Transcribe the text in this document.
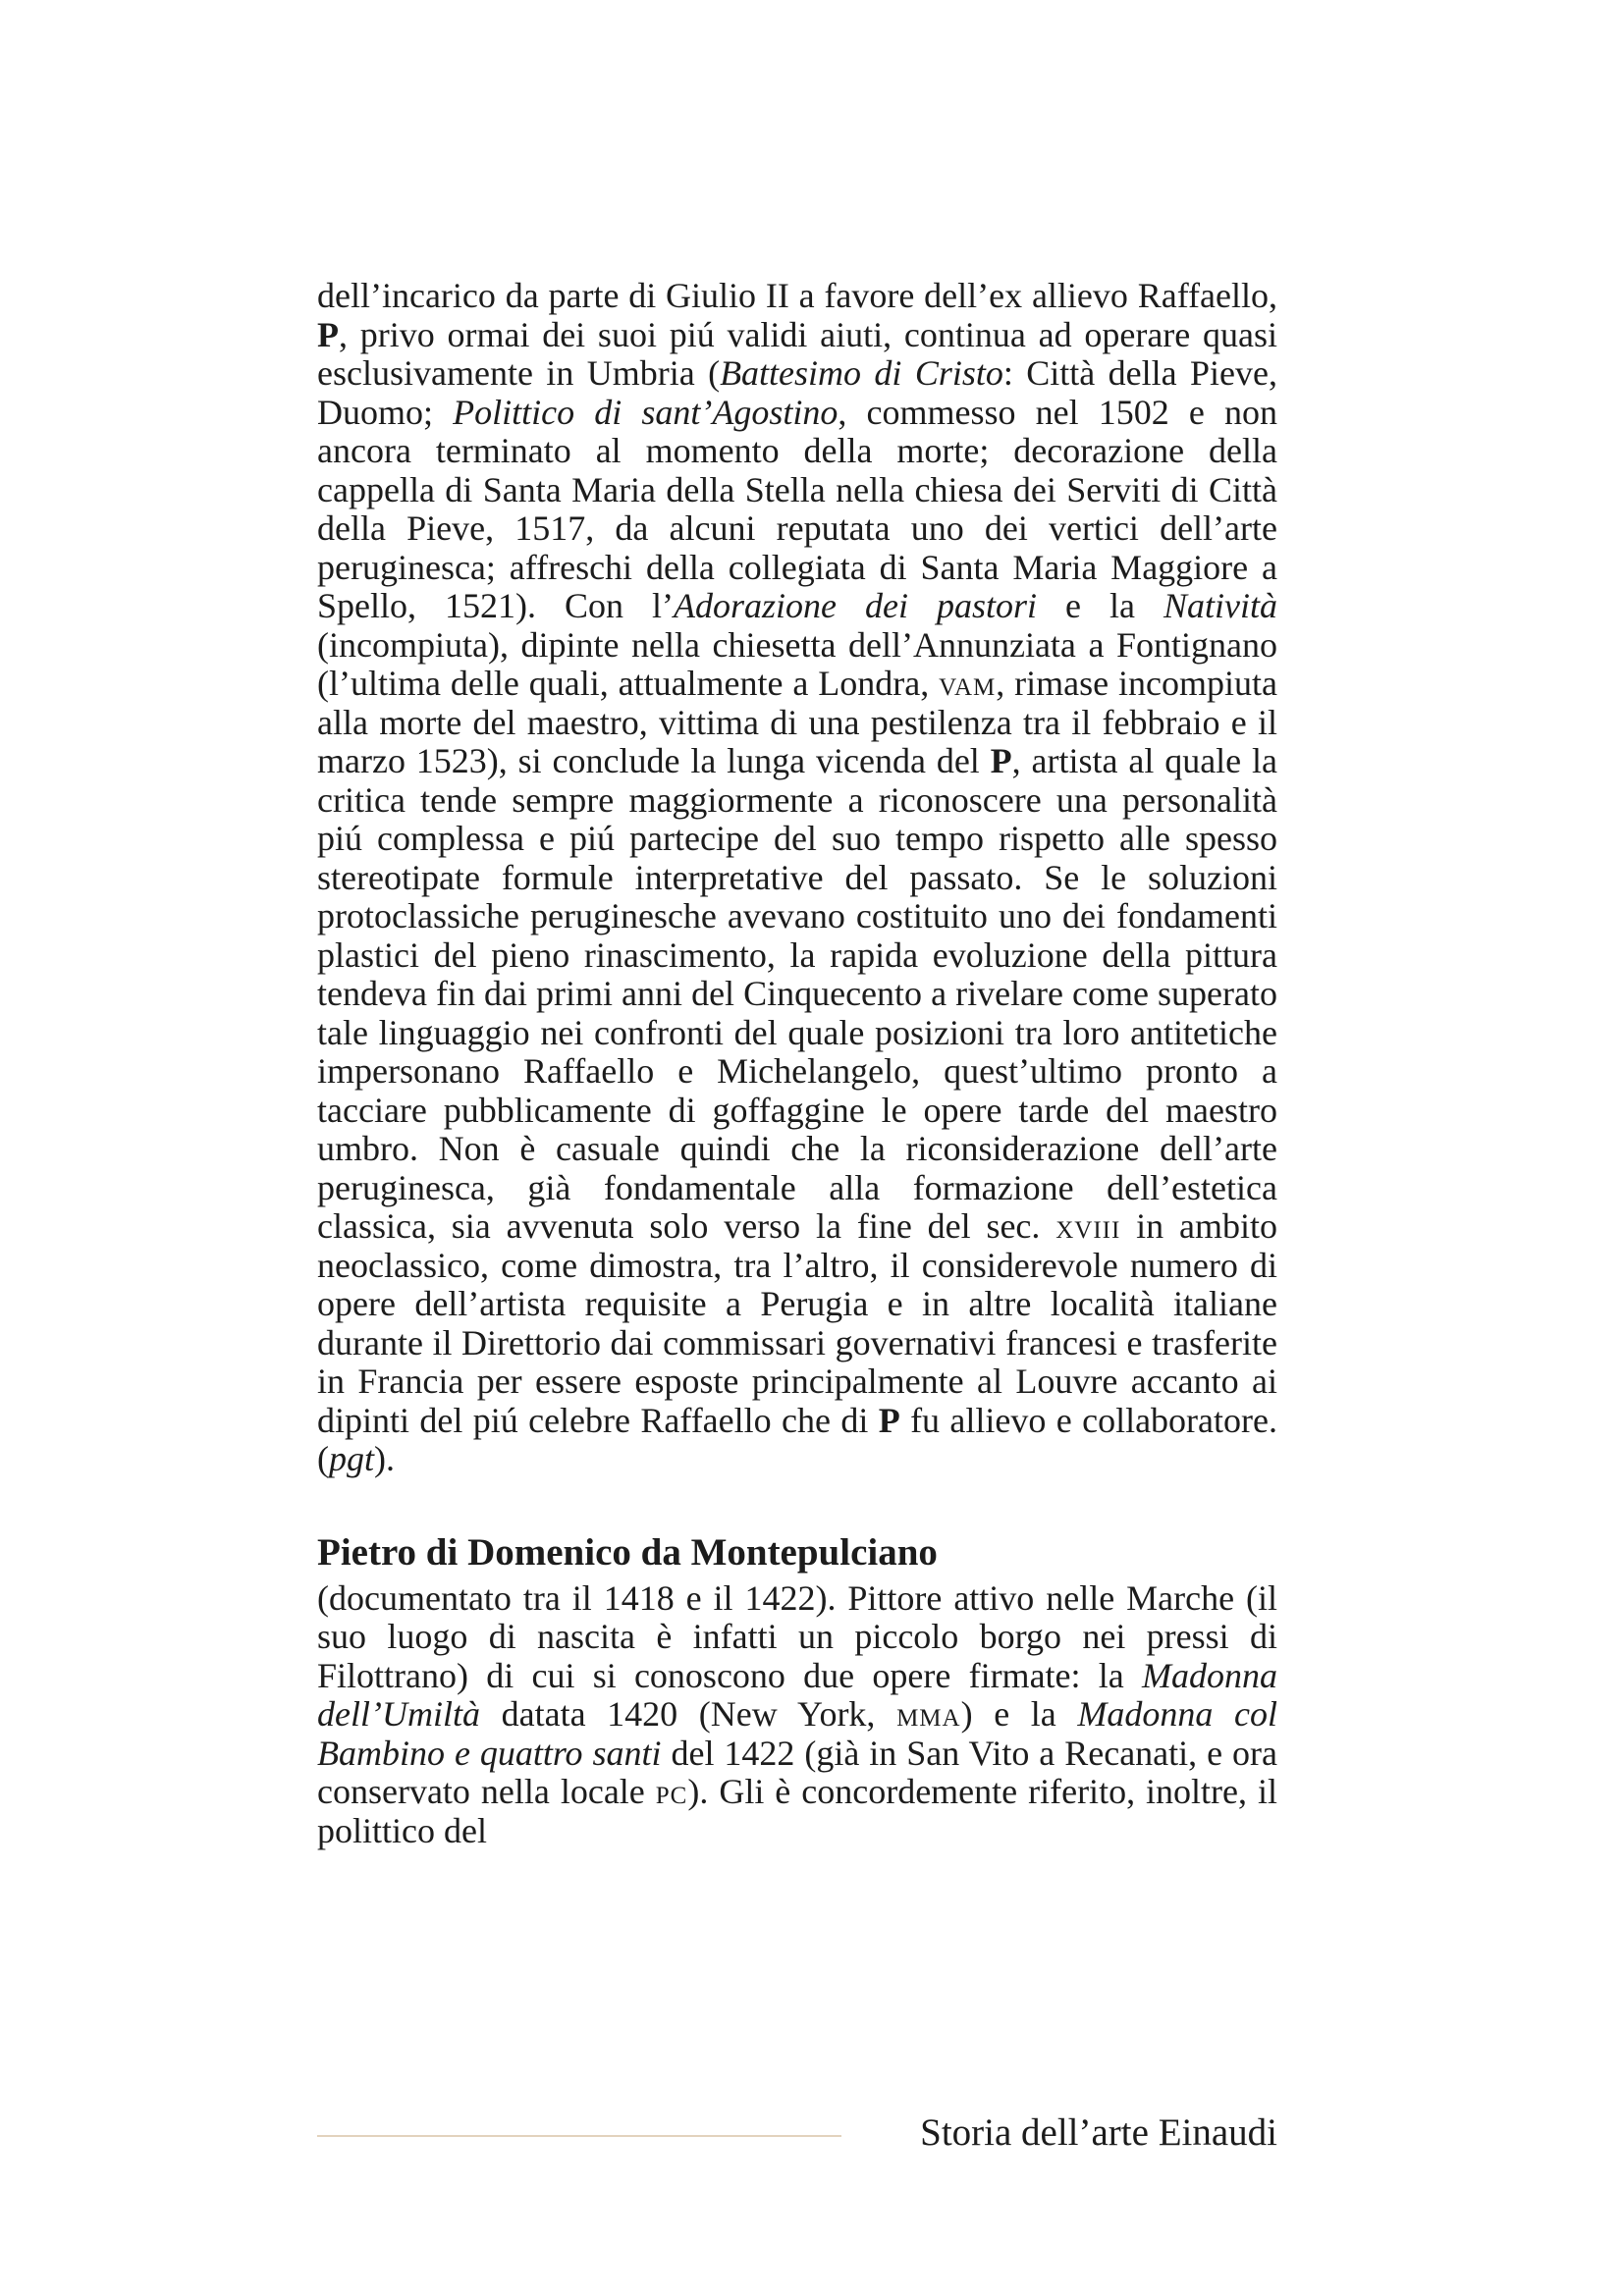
dell’incarico da parte di Giulio II a favore dell’ex allievo Raffaello, P, privo ormai dei suoi piú validi aiuti, continua ad operare quasi esclusivamente in Umbria (Battesimo di Cristo: Città della Pieve, Duomo; Polittico di sant’Agostino, commesso nel 1502 e non ancora terminato al momento della morte; decorazione della cappella di Santa Maria della Stella nella chiesa dei Serviti di Città della Pieve, 1517, da alcuni reputata uno dei vertici dell’arte peruginesca; affreschi della collegiata di Santa Maria Maggiore a Spello, 1521). Con l’Adorazione dei pastori e la Natività (incompiuta), dipinte nella chiesetta dell’Annunziata a Fontignano (l’ultima delle quali, attualmente a Londra, vam, rimase incompiuta alla morte del maestro, vittima di una pestilenza tra il febbraio e il marzo 1523), si conclude la lunga vicenda del P, artista al quale la critica tende sempre maggiormente a riconoscere una personalità piú complessa e piú partecipe del suo tempo rispetto alle spesso stereotipate formule interpretative del passato. Se le soluzioni protoclassiche peruginesche avevano costituito uno dei fondamenti plastici del pieno rinascimento, la rapida evoluzione della pittura tendeva fin dai primi anni del Cinquecento a rivelare come superato tale linguaggio nei confronti del quale posizioni tra loro antitetiche impersonano Raffaello e Michelangelo, quest’ultimo pronto a tacciare pubblicamente di goffaggine le opere tarde del maestro umbro. Non è casuale quindi che la riconsiderazione dell’arte peruginesca, già fondamentale alla formazione dell’estetica classica, sia avvenuta solo verso la fine del sec. xviii in ambito neoclassico, come dimostra, tra l’altro, il considerevole numero di opere dell’artista requisite a Perugia e in altre località italiane durante il Direttorio dai commissari governativi francesi e trasferite in Francia per essere esposte principalmente al Louvre accanto ai dipinti del piú celebre Raffaello che di P fu allievo e collaboratore. (pgt).

Pietro di Domenico da Montepulciano

(documentato tra il 1418 e il 1422). Pittore attivo nelle Marche (il suo luogo di nascita è infatti un piccolo borgo nei pressi di Filottrano) di cui si conoscono due opere firmate: la Madonna dell’Umiltà datata 1420 (New York, mma) e la Madonna col Bambino e quattro santi del 1422 (già in San Vito a Recanati, e ora conservato nella locale pc). Gli è concordemente riferito, inoltre, il polittico del

Storia dell’arte Einaudi
